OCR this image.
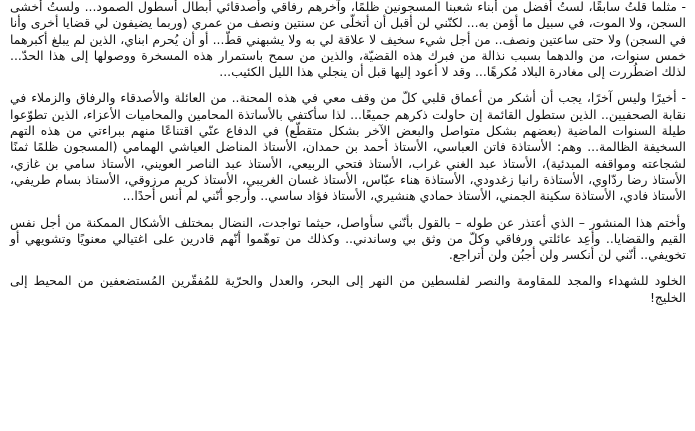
- مثلما قلتُ سابقًا، لستُ أفضل من أبناء شعبنا المسجونين ظلمًا، وآخرهم رفاقي وأصدقائي أبطال أسطول الصمود... ولستُ أخشى السجن، ولا الموت، في سبيل ما أؤمن به... لكنّني لن أقبل أن أتخلّى عن سنتين ونصف من عمري (وربما يضيفون لي قضايا أخرى وأنا في السجن) ولا حتى ساعتين ونصف.. من أجل شيء سخيف لا علاقة لي به ولا يشبهني قطّ... أو أن يُحرم ابناي، الذين لم يبلغ أكبرهما خمس سنوات، من والدهما بسبب نذالة من فبرك هذه القضيّة، والذين من سمح باستمرار هذه المسخرة ووصولها إلى هذا الحدّ... لذلك اضطُررت إلى مغادرة البلاد مُكرهًا... وقد لا أعود إليها قبل أن ينجلي هذا الليل الكئيب...

- أخيرًا وليس آخرًا، يجب أن أشكر من أعماق قلبي كلّ من وقف معي في هذه المحنة.. من العائلة والأصدقاء والرفاق والزملاء في نقابة الصحفيين.. الذين ستطول القائمة إن حاولت ذكرهم جميعًا... لذا سأكتفي بالأساتذة المحامين والمحاميات الأعزاء، الذين تطوّعوا طيلة السنوات الماضية (بعضهم بشكل متواصل والبعض الآخر بشكل متقطّع) في الدفاع عنّي اقتناعًا منهم ببراءتي من هذه التهم السخيفة الظالمة... وهم: الأستاذة فاتن العباسي، الأستاذ أحمد بن حمدان، الأستاذ المناضل العياشي الهمامي (المسجون ظلمًا ثمنًا لشجاعته ومواقفه المبدئية)، الأستاذ عبد الغني غراب، الأستاذ فتحي الربيعي، الأستاذ عبد الناصر العويني، الأستاذ سامي بن غازي، الأستاذ رضا ردّاوي، الأستاذة رانيا زغدودي، الأستاذة هناء عبّاس، الأستاذ غسان الغريبي، الأستاذ كريم مرزوقي، الأستاذ بسام طريفي، الأستاذ فادي، الأستاذة سكينة الجمني، الأستاذ حمادي هنشيري، الأستاذ فؤاد ساسي.. وأرجو أنّني لم أنس أحدًا...

وأختم هذا المنشور – الذي أعتذر عن طوله – بالقول بأنّني سأواصل، حيثما تواجدت، النضال بمختلف الأشكال الممكنة من أجل نفس القيم والقضايا.. وأعِد عائلتي ورفاقي وكلّ من وثق بي وساندني.. وكذلك من توهّموا أنّهم قادرين على اغتيالي معنويًا وتشويهي أو تخويفي.. أنّني لن أنكسر ولن أجبُن ولن أتراجع.

الخلود للشهداء والمجد للمقاومة والنصر لفلسطين من النهر إلى البحر، والعدل والحرّية للمُفقّرين المُستضعفين من المحيط إلى الخليج!
